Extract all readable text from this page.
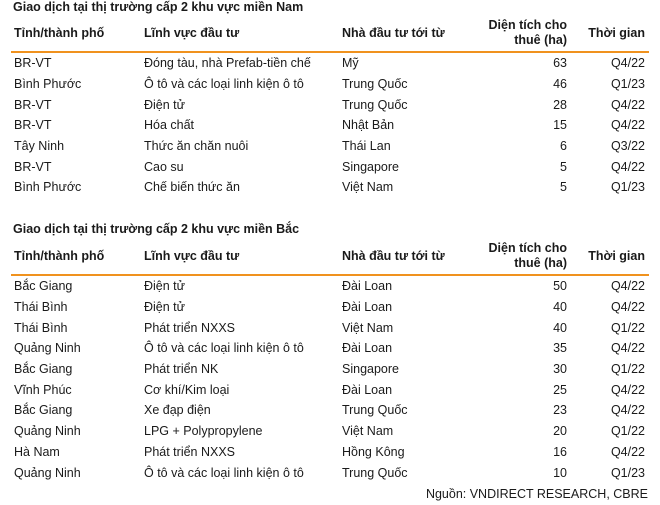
Giao dịch tại thị trường cấp 2 khu vực miền Nam
Tỉnh/thành phố	Lĩnh vực đầu tư	Nhà đầu tư tới từ	Diện tích cho
thuê (ha)	Thời gian
BR-VT	Đóng tàu, nhà Prefab-tiền chế	Mỹ	63	Q4/22
Bình Phước	Ô tô và các loại linh kiện ô tô	Trung Quốc	46	Q1/23
BR-VT	Điện tử	Trung Quốc	28	Q4/22
BR-VT	Hóa chất	Nhật Bản	15	Q4/22
Tây Ninh	Thức ăn chăn nuôi	Thái Lan	6	Q3/22
BR-VT	Cao su	Singapore	5	Q4/22
Bình Phước	Chế biến thức ăn	Việt Nam	5	Q1/23
Giao dịch tại thị trường cấp 2 khu vực miền Bắc
Tỉnh/thành phố	Lĩnh vực đầu tư	Nhà đầu tư tới từ	Diện tích cho
thuê (ha)	Thời gian
Bắc Giang	Điện tử	Đài Loan	50	Q4/22
Thái Bình	Điện tử	Đài Loan	40	Q4/22
Thái Bình	Phát triển NXXS	Việt Nam	40	Q1/22
Quảng Ninh	Ô tô và các loại linh kiện ô tô	Đài Loan	35	Q4/22
Bắc Giang	Phát triển NK	Singapore	30	Q1/22
Vĩnh Phúc	Cơ khí/Kim loại	Đài Loan	25	Q4/22
Bắc Giang	Xe đạp điện	Trung Quốc	23	Q4/22
Quảng Ninh	LPG + Polypropylene	Việt Nam	20	Q1/22
Hà Nam	Phát triển NXXS	Hồng Kông	16	Q4/22
Quảng Ninh	Ô tô và các loại linh kiện ô tô	Trung Quốc	10	Q1/23
Nguồn: VNDIRECT RESEARCH, CBRE
